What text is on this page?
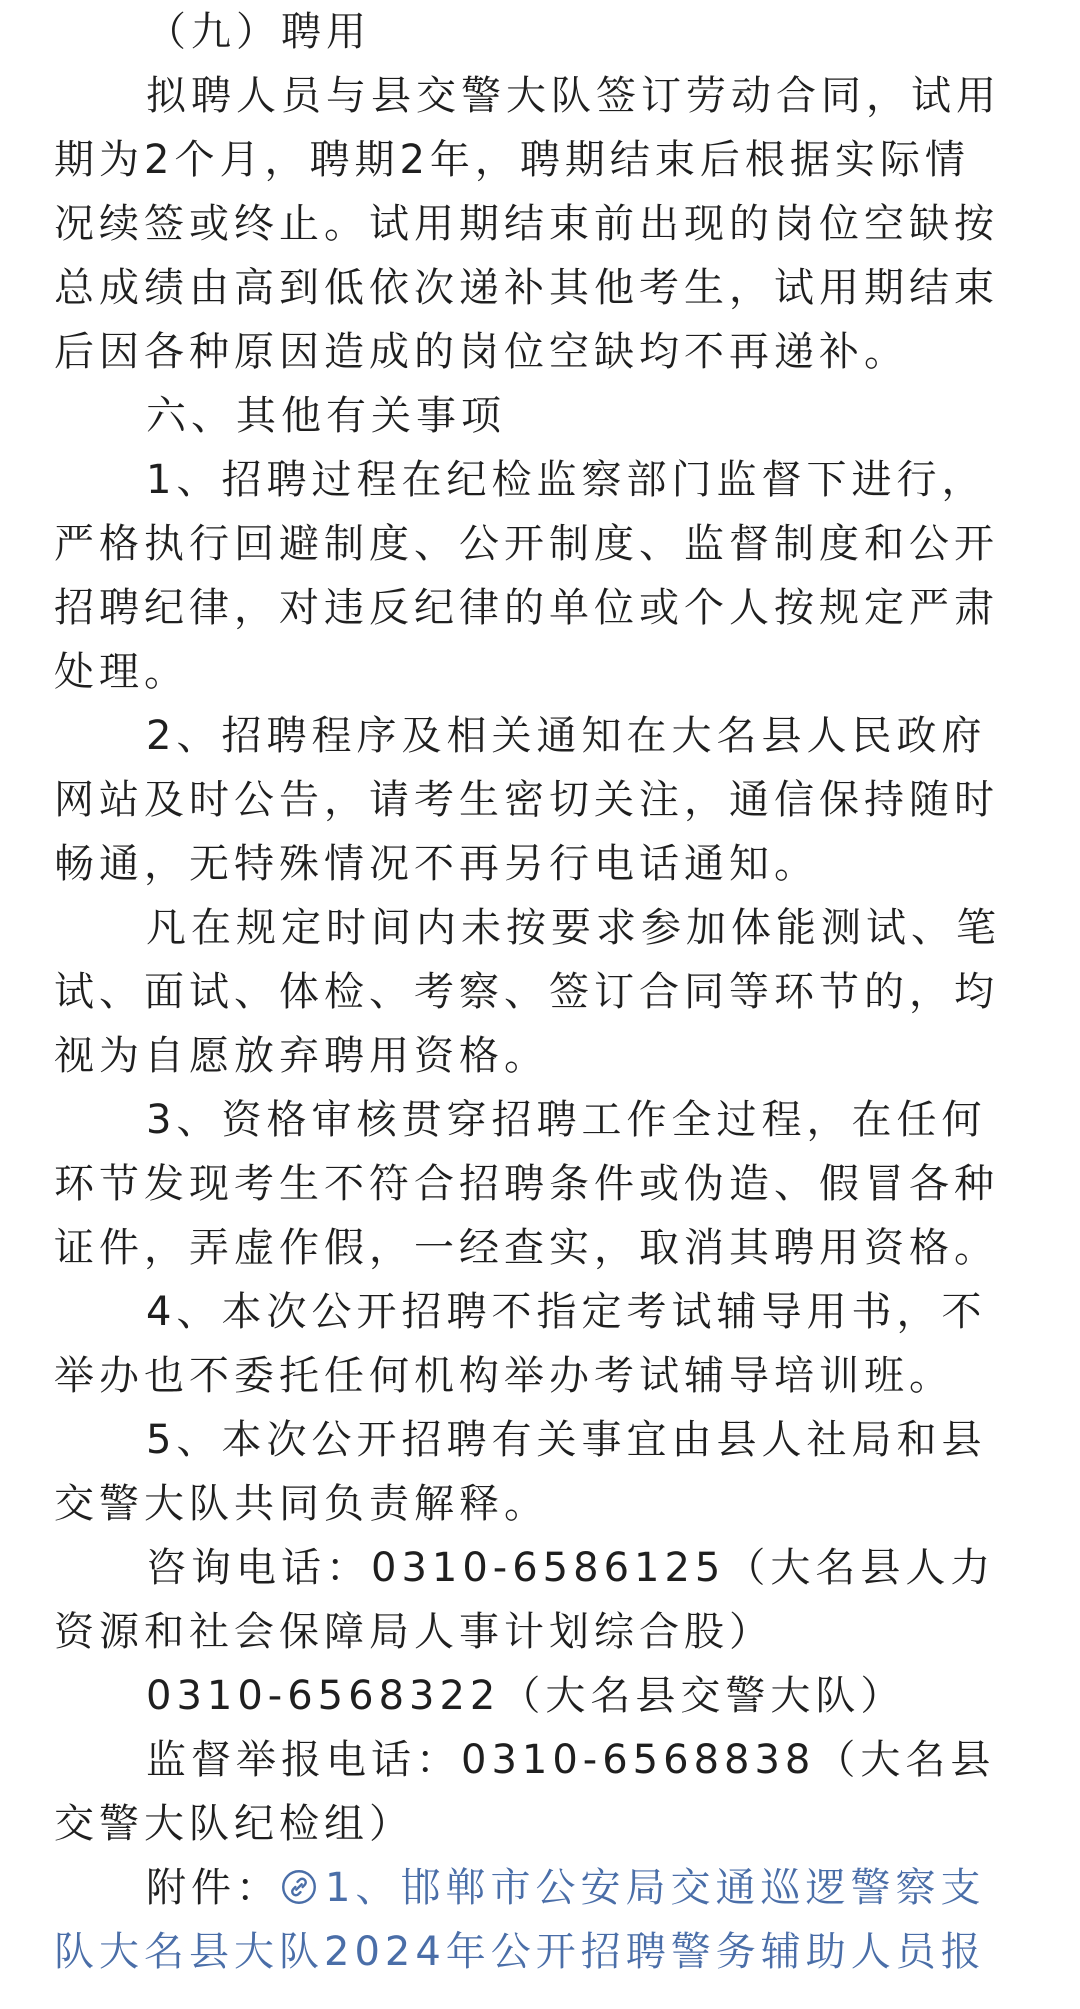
（九）聘用
拟聘人员与县交警大队签订劳动合同，试用
期为2个月，聘期2年，聘期结束后根据实际情
况续签或终止。试用期结束前出现的岗位空缺按
总成绩由高到低依次递补其他考生，试用期结束
后因各种原因造成的岗位空缺均不再递补。
六、其他有关事项
1、招聘过程在纪检监察部门监督下进行，
严格执行回避制度、公开制度、监督制度和公开
招聘纪律，对违反纪律的单位或个人按规定严肃
处理。
2、招聘程序及相关通知在大名县人民政府
网站及时公告，请考生密切关注，通信保持随时
畅通，无特殊情况不再另行电话通知。
凡在规定时间内未按要求参加体能测试、笔
试、面试、体检、考察、签订合同等环节的，均
视为自愿放弃聘用资格。
3、资格审核贯穿招聘工作全过程，在任何
环节发现考生不符合招聘条件或伪造、假冒各种
证件，弄虚作假，一经查实，取消其聘用资格。
4、本次公开招聘不指定考试辅导用书，不
举办也不委托任何机构举办考试辅导培训班。
5、本次公开招聘有关事宜由县人社局和县
交警大队共同负责解释。
咨询电话：0310-6586125（大名县人力
资源和社会保障局人事计划综合股）
0310-6568322（大名县交警大队）
监督举报电话：0310-6568838（大名县
交警大队纪检组）
附件： 1、邯郸市公安局交通巡逻警察支
队大名县大队2024年公开招聘警务辅助人员报
